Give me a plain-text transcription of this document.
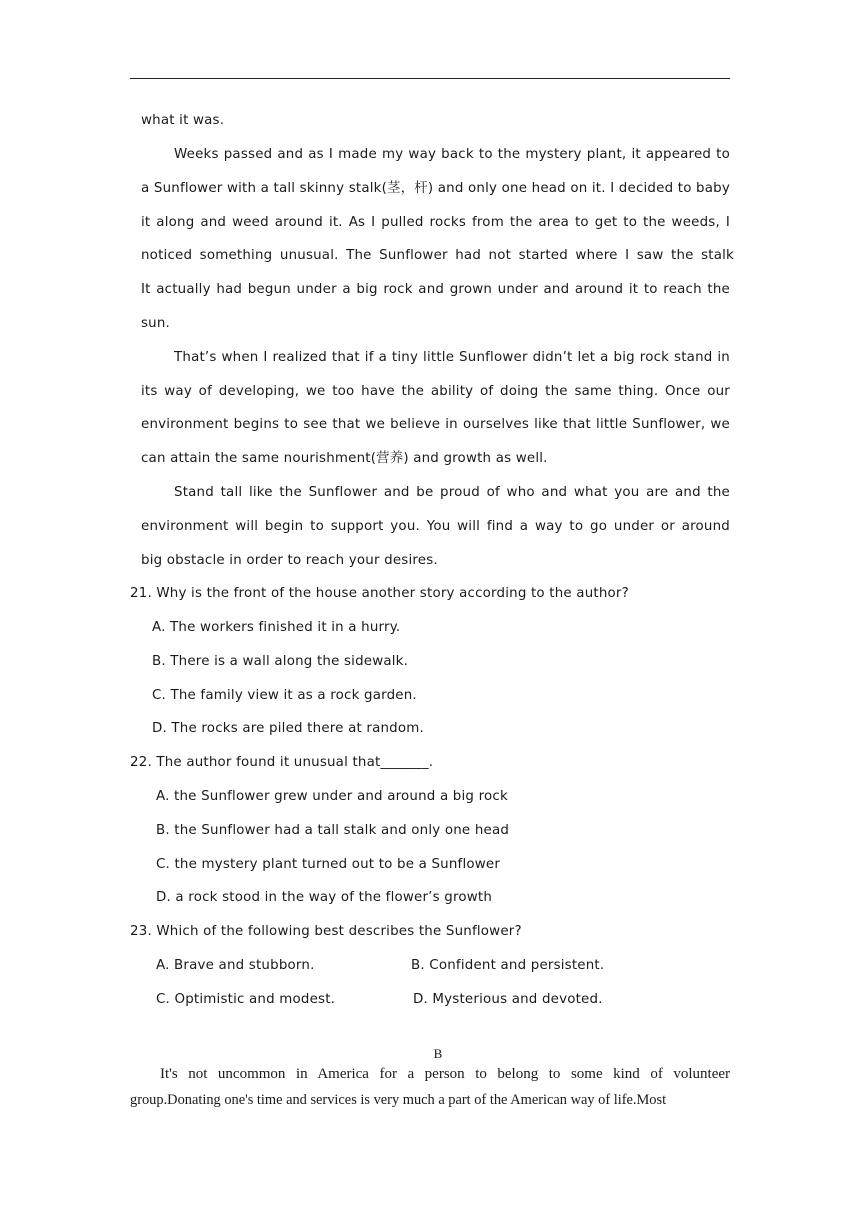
what it was.
Weeks passed and as I made my way back to the mystery plant, it appeared to
a Sunflower with a tall skinny stalk(茎，杆) and only one head on it. I decided to baby
it along and weed around it. As I pulled rocks from the area to get to the weeds, I
noticed something unusual. The Sunflower had not started where I saw the stalk
It actually had begun under a big rock and grown under and around it to reach the
sun.
That’s when I realized that if a tiny little Sunflower didn’t let a big rock stand in
its way of developing, we too have the ability of doing the same thing. Once our
environment begins to see that we believe in ourselves like that little Sunflower, we
can attain the same nourishment(营养) and growth as well.
Stand tall like the Sunflower and be proud of who and what you are and the
environment will begin to support you. You will find a way to go under or around
big obstacle in order to reach your desires.
21. Why is the front of the house another story according to the author?
A. The workers finished it in a hurry.
B. There is a wall along the sidewalk.
C. The family view it as a rock garden.
D. The rocks are piled there at random.
22. The author found it unusual that_______.
A. the Sunflower grew under and around a big rock
B. the Sunflower had a tall stalk and only one head
C. the mystery plant turned out to be a Sunflower
D. a rock stood in the way of the flower’s growth
23. Which of the following best describes the Sunflower?
A. Brave and stubborn.	B. Confident and persistent.
C. Optimistic and modest.	D. Mysterious and devoted.
B
It's not uncommon in America for a person to belong to some kind of volunteer
group.Donating one's time and services is very much a part of the American way of life.Most
